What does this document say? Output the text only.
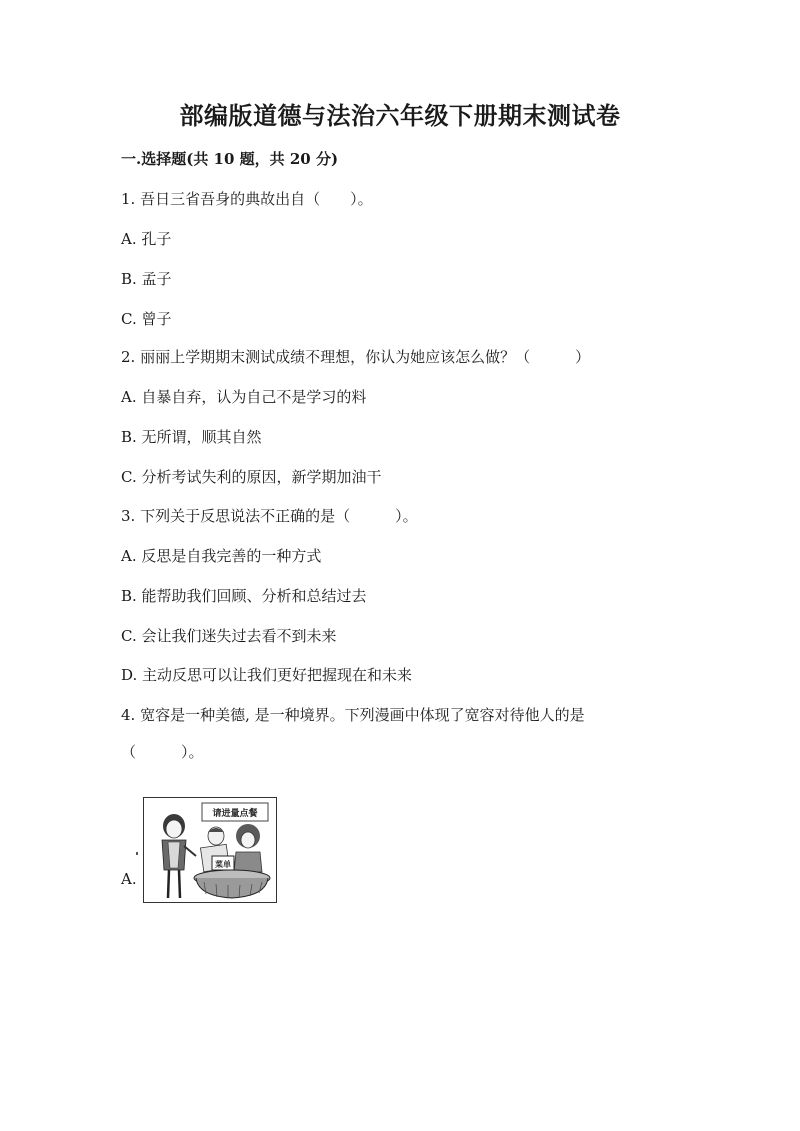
部编版道德与法治六年级下册期末测试卷
一.选择题(共 10 题，共 20 分)
1. 吾日三省吾身的典故出自（　　）。
A. 孔子
B. 孟子
C. 曾子
2. 丽丽上学期期末测试成绩不理想，你认为她应该怎么做？（　　　）
A. 自暴自弃，认为自己不是学习的料
B. 无所谓，顺其自然
C. 分析考试失利的原因，新学期加油干
3. 下列关于反思说法不正确的是（　　　）。
A. 反思是自我完善的一种方式
B. 能帮助我们回顾、分析和总结过去
C. 会让我们迷失过去看不到未来
D. 主动反思可以让我们更好把握现在和未来
4. 宽容是一种美德, 是一种境界。下列漫画中体现了宽容对待他人的是
（　　　）。
A.
请进量点餐
菜单
